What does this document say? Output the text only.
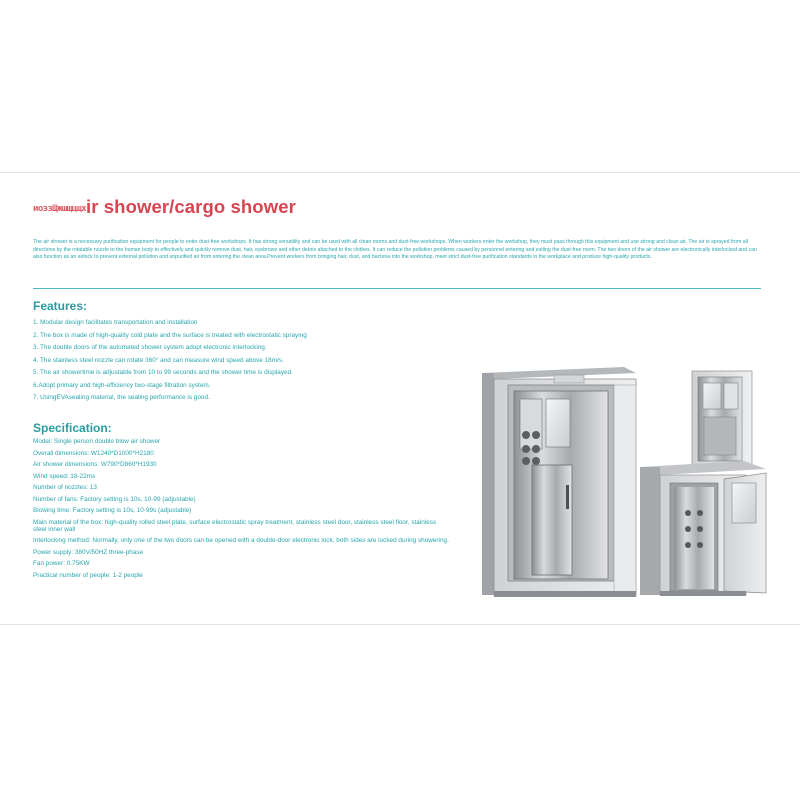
иоззЩжшщцщхir shower/cargo shower

The air shower is a necessary purification equipment for people to enter dust-free workshops. It has strong versatility and can be used with all clean rooms and dust-free workshops. When workers enter the workshop, they must pass through this equipment and use strong and clean air. The air is sprayed from all directions by the rotatable nozzle to the human body to effectively and quickly remove dust, hair, eyebrows and other debris attached to the clothes. It can reduce the pollution problems caused by personnel entering and exiting the dust-free room. The two doors of the air shower are electronically interlocked and can also function as an airlock to prevent external pollution and unpurified air from entering the clean area.Prevent workers from bringing hair, dust, and bacteria into the workshop, meet strict dust-free purification standards in the workplace and produce high-quality products.

Features:
1. Modular design facilitates transportation and installation
2. The box is made of high-quality cold plate and the surface is treated with electrostatic spraying
3. The double doors of the automated shower system adopt electronic interlocking.
4. The stainless steel nozzle can rotate 360° and can measure wind speed above 18m/s.
5. The air showertime is adjustable from 10 to 99 seconds and the shower time is displayed.
6.Adopt primary and high-efficiency two-stage filtration system.
7. UsingEVAsealing material, the sealing performance is good.
Specification:
Model: Single person double blow air shower
Overall dimensions: W1240*D1000*H2180
Air shower dimensions: W790*D860*H1930
Wind speed: 18-22ms
Number of nozzles: 13
Number of fans: Factory setting is 10s, 10-99 (adjustable)
Blowing time: Factory setting is 10s, 10-99s (adjustable)
Main material of the box: high-quality rolled steel plate, surface electrostatic spray treatment, stainless steel door, stainless steel floor, stainless steel inner wall
Interlocking method: Normally, only one of the two doors can be opened with a double-door electronic lock, both sides are locked during showering.
Power supply: 380V/50HZ three-phase
Fan power: 0.75KW
Practical number of people: 1-2 people
